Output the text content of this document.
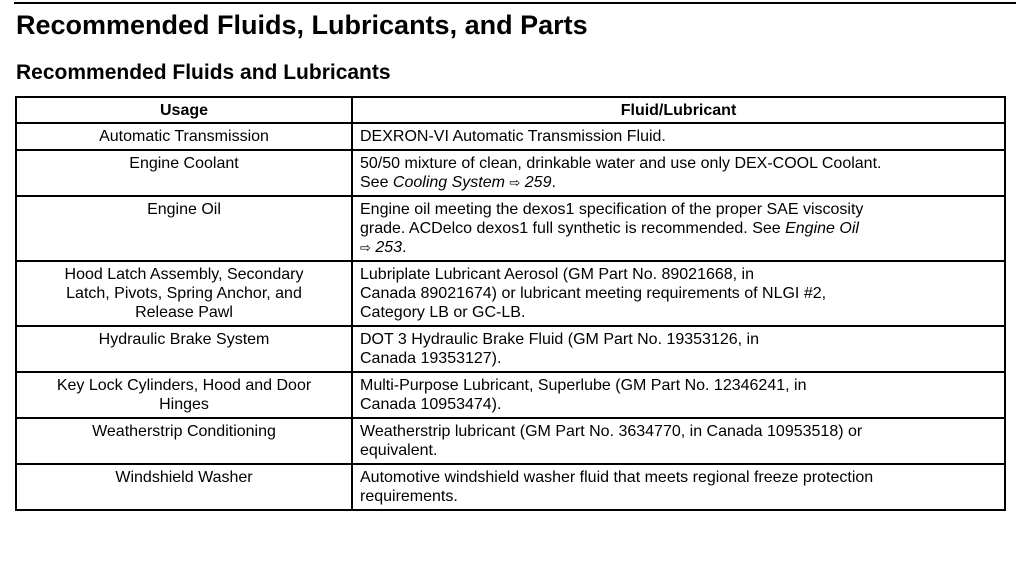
Recommended Fluids, Lubricants, and Parts
Recommended Fluids and Lubricants
Usage	Fluid/Lubricant
Automatic Transmission	DEXRON-VI Automatic Transmission Fluid.
Engine Coolant	50/50 mixture of clean, drinkable water and use only DEX-COOL Coolant.
See Cooling System ⇨ 259.
Engine Oil	Engine oil meeting the dexos1 specification of the proper SAE viscosity
grade. ACDelco dexos1 full synthetic is recommended. See Engine Oil
⇨ 253.
Hood Latch Assembly, Secondary
Latch, Pivots, Spring Anchor, and
Release Pawl	Lubriplate Lubricant Aerosol (GM Part No. 89021668, in
Canada 89021674) or lubricant meeting requirements of NLGI #2,
Category LB or GC-LB.
Hydraulic Brake System	DOT 3 Hydraulic Brake Fluid (GM Part No. 19353126, in
Canada 19353127).
Key Lock Cylinders, Hood and Door
Hinges	Multi-Purpose Lubricant, Superlube (GM Part No. 12346241, in
Canada 10953474).
Weatherstrip Conditioning	Weatherstrip lubricant (GM Part No. 3634770, in Canada 10953518) or
equivalent.
Windshield Washer	Automotive windshield washer fluid that meets regional freeze protection
requirements.
